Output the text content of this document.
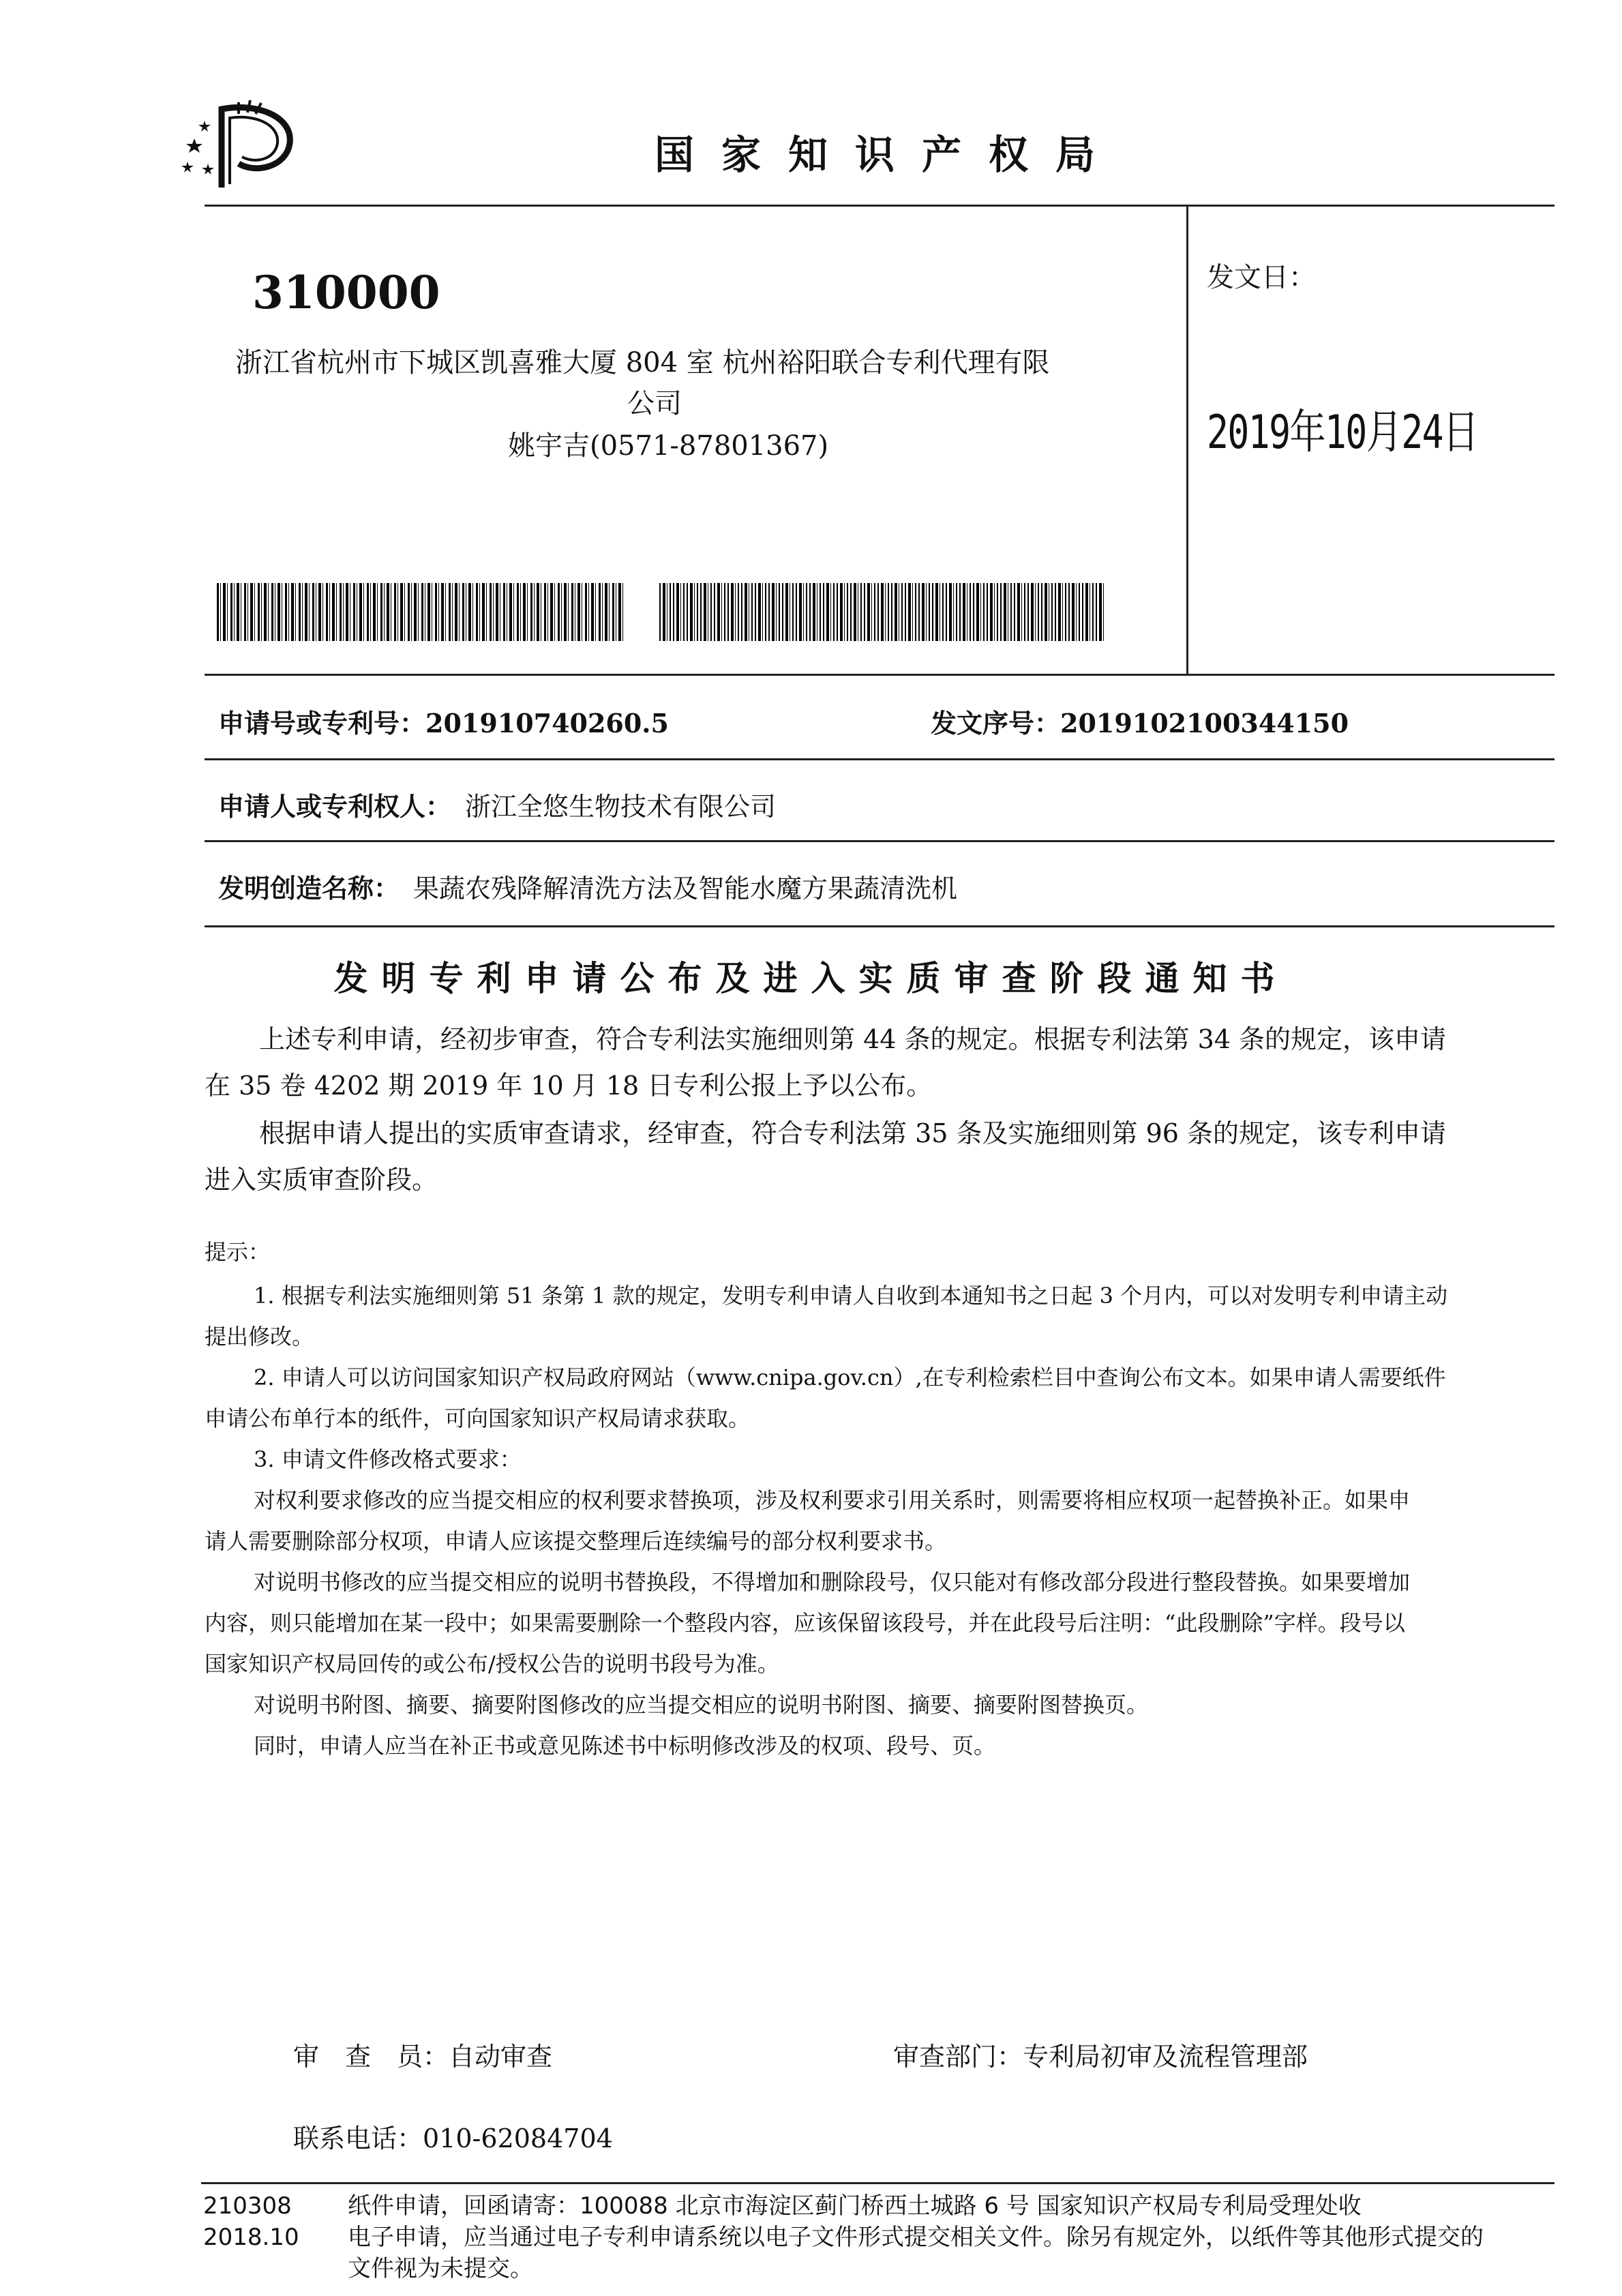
国家知识产权局
310000
浙江省杭州市下城区凯喜雅大厦 804 室 杭州裕阳联合专利代理有限
公司
姚宇吉(0571-87801367)
发文日：
2019年10月24日
申请号或专利号：201910740260.5	发文序号：2019102100344150
申请人或专利权人： 浙江全悠生物技术有限公司
发明创造名称： 果蔬农残降解清洗方法及智能水魔方果蔬清洗机
发明专利申请公布及进入实质审查阶段通知书
上述专利申请，经初步审查，符合专利法实施细则第 44 条的规定。根据专利法第 34 条的规定，该申请
在 35 卷 4202 期 2019 年 10 月 18 日专利公报上予以公布。
根据申请人提出的实质审查请求，经审查，符合专利法第 35 条及实施细则第 96 条的规定，该专利申请
进入实质审查阶段。
提示：
1. 根据专利法实施细则第 51 条第 1 款的规定，发明专利申请人自收到本通知书之日起 3 个月内，可以对发明专利申请主动
提出修改。
2. 申请人可以访问国家知识产权局政府网站（www.cnipa.gov.cn）,在专利检索栏目中查询公布文本。如果申请人需要纸件
申请公布单行本的纸件，可向国家知识产权局请求获取。
3. 申请文件修改格式要求：
对权利要求修改的应当提交相应的权利要求替换项，涉及权利要求引用关系时，则需要将相应权项一起替换补正。如果申
请人需要删除部分权项，申请人应该提交整理后连续编号的部分权利要求书。
对说明书修改的应当提交相应的说明书替换段，不得增加和删除段号，仅只能对有修改部分段进行整段替换。如果要增加
内容，则只能增加在某一段中；如果需要删除一个整段内容，应该保留该段号，并在此段号后注明：“此段删除”字样。段号以
国家知识产权局回传的或公布/授权公告的说明书段号为准。
对说明书附图、摘要、摘要附图修改的应当提交相应的说明书附图、摘要、摘要附图替换页。
同时，申请人应当在补正书或意见陈述书中标明修改涉及的权项、段号、页。
审　查　员：自动审查	审查部门：专利局初审及流程管理部
联系电话：010-62084704
210308
2018.10
纸件申请，回函请寄：100088 北京市海淀区蓟门桥西土城路 6 号 国家知识产权局专利局受理处收
电子申请，应当通过电子专利申请系统以电子文件形式提交相关文件。除另有规定外，以纸件等其他形式提交的
文件视为未提交。
